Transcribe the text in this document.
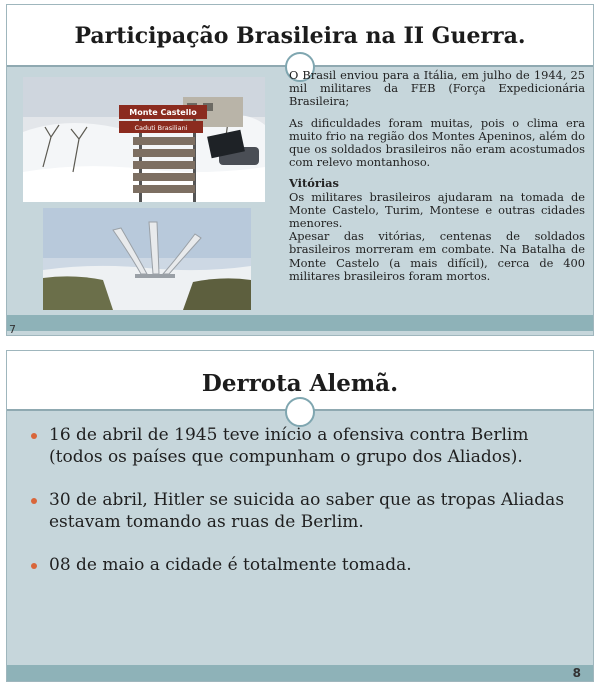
Participação Brasileira na II Guerra.
Monte Castello
Caduti Brasiliani

O Brasil enviou para a Itália, em julho de 1944, 25 mil militares da FEB (Força Expedicionária Brasileira;

As dificuldades foram muitas, pois o clima era muito frio na região dos Montes Apeninos, além do que os soldados brasileiros não eram acostumados com relevo montanhoso.

Vitórias

Os militares brasileiros ajudaram na tomada de Monte Castelo, Turim, Montese e outras cidades menores.

Apesar das vitórias, centenas de soldados brasileiros morreram em combate. Na Batalha de Monte Castelo (a mais difícil), cerca de 400 militares brasileiros foram mortos.

7
Derrota Alemã.
16 de abril de 1945 teve início a ofensiva contra Berlim (todos os países que compunham o grupo dos Aliados).
30 de abril, Hitler se suicida ao saber que as tropas Aliadas estavam tomando as ruas de Berlim.
08 de maio a cidade é totalmente tomada.
8
